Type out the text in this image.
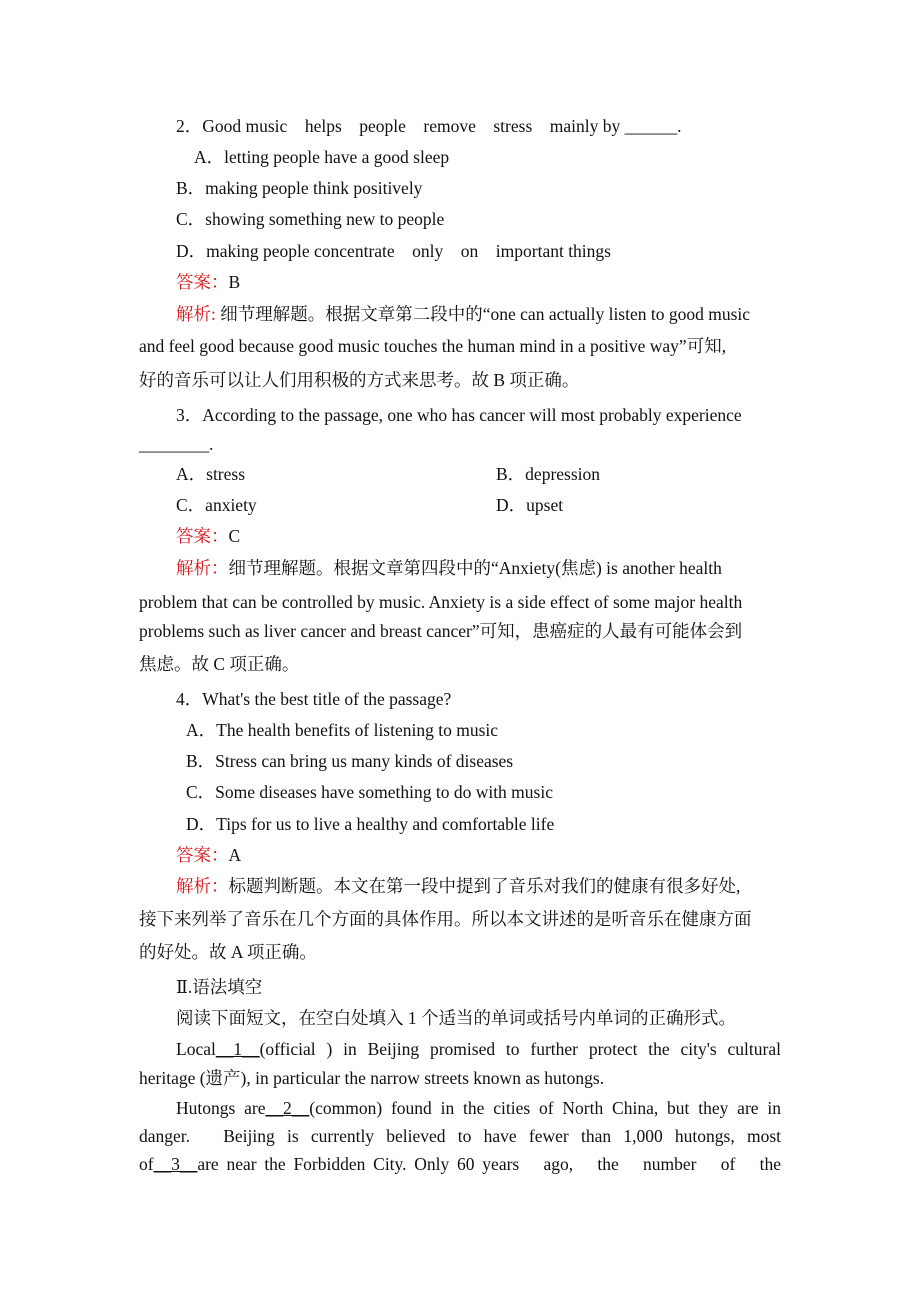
2．Good music　helps　people　remove　stress　mainly by ______.
A．letting people have a good sleep
B．making people think positively
C．showing something new to people
D．making people concentrate　only　on　important things
答案：B
解析: 细节理解题。根据文章第二段中的“one can actually listen to good music
and feel good because good music touches the human mind in a positive way”可知,
好的音乐可以让人们用积极的方式来思考。故 B 项正确。
3．According to the passage, one who has cancer will most probably experience
________.
A．stress	B．depression
C．anxiety	D．upset
答案：C
解析：细节理解题。根据文章第四段中的“Anxiety(焦虑) is another health
problem that can be controlled by music. Anxiety is a side effect of some major health
problems such as liver cancer and breast cancer”可知，患癌症的人最有可能体会到
焦虑。故 C 项正确。
4．What's the best title of the passage?
A．The health benefits of listening to music
B．Stress can bring us many kinds of diseases
C．Some diseases have something to do with music
D．Tips for us to live a healthy and comfortable life
答案：A
解析：标题判断题。本文在第一段中提到了音乐对我们的健康有很多好处,
接下来列举了音乐在几个方面的具体作用。所以本文讲述的是听音乐在健康方面
的好处。故 A 项正确。
Ⅱ.语法填空
阅读下面短文，在空白处填入 1 个适当的单词或括号内单词的正确形式。
Local__1__(official ) in Beijing promised to further protect the city's cultural
heritage (遗产), in particular the narrow streets known as hutongs.
Hutongs are__2__(common) found in the cities of North China, but they are in
danger.　Beijing is currently believed to have fewer than 1,000 hutongs, most
of__3__are near the Forbidden City. Only 60 years　ago,　the　number　of　the
